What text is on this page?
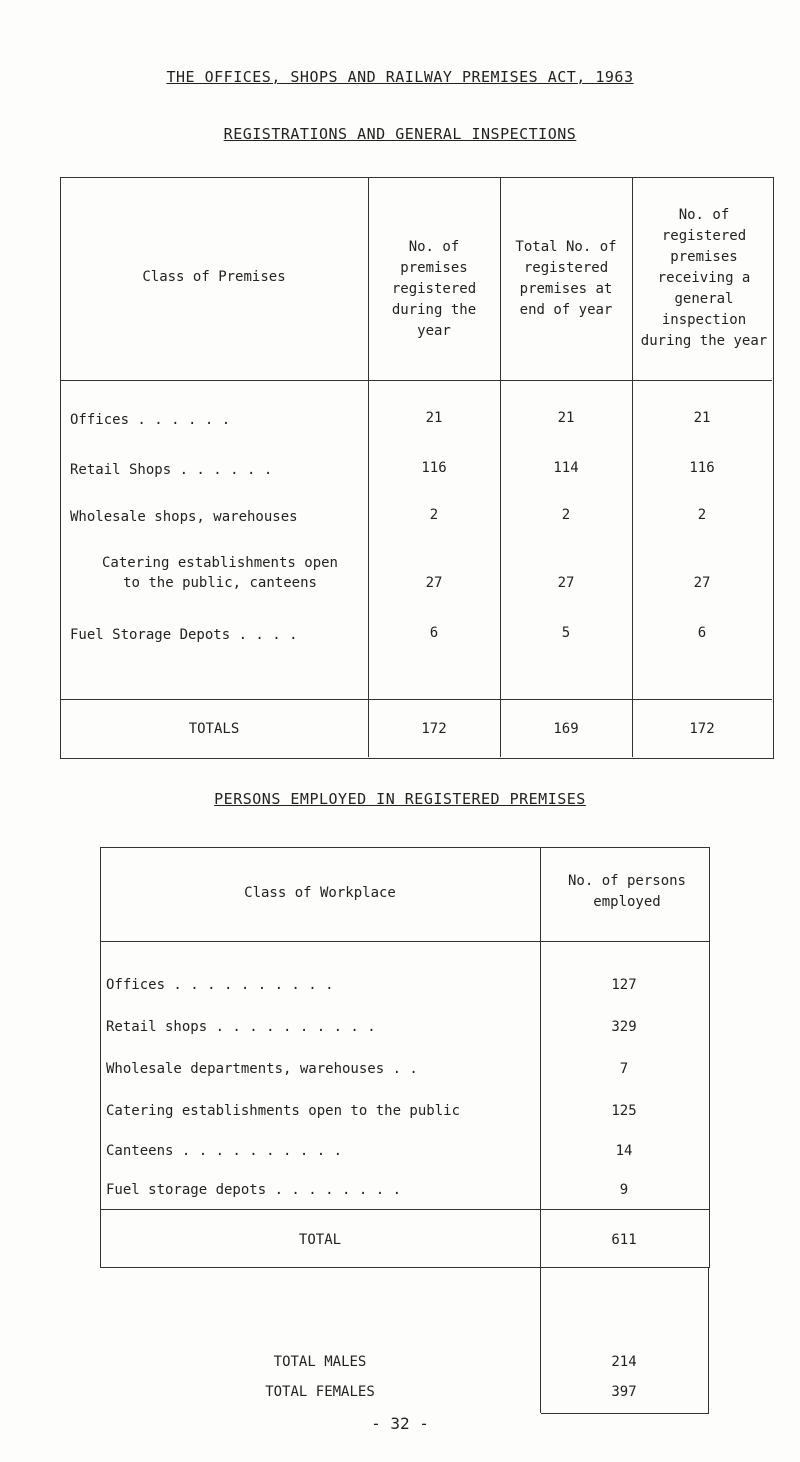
THE OFFICES, SHOPS AND RAILWAY PREMISES ACT, 1963
REGISTRATIONS AND GENERAL INSPECTIONS
Class of Premises
No. of premises registered during the year
Total No. of registered premises at end of year
No. of registered premises receiving a general inspection during the year
Offices . . . . . .	21	21	21
Retail Shops . . . . . .	116	114	116
Wholesale shops, warehouses	2	2	2
Catering establishments open
to the public, canteens	27	27	27
Fuel Storage Depots . . . .	6	5	6
TOTALS	172	169	172
PERSONS EMPLOYED IN REGISTERED PREMISES
Class of Workplace
No. of persons employed
Offices . . . . . . . . . .	127
Retail shops . . . . . . . . . .	329
Wholesale departments, warehouses . .	7
Catering establishments open to the public	125
Canteens . . . . . . . . . .	14
Fuel storage depots . . . . . . . .	9
TOTAL	611
TOTAL MALES	214
TOTAL FEMALES	397
- 32 -
